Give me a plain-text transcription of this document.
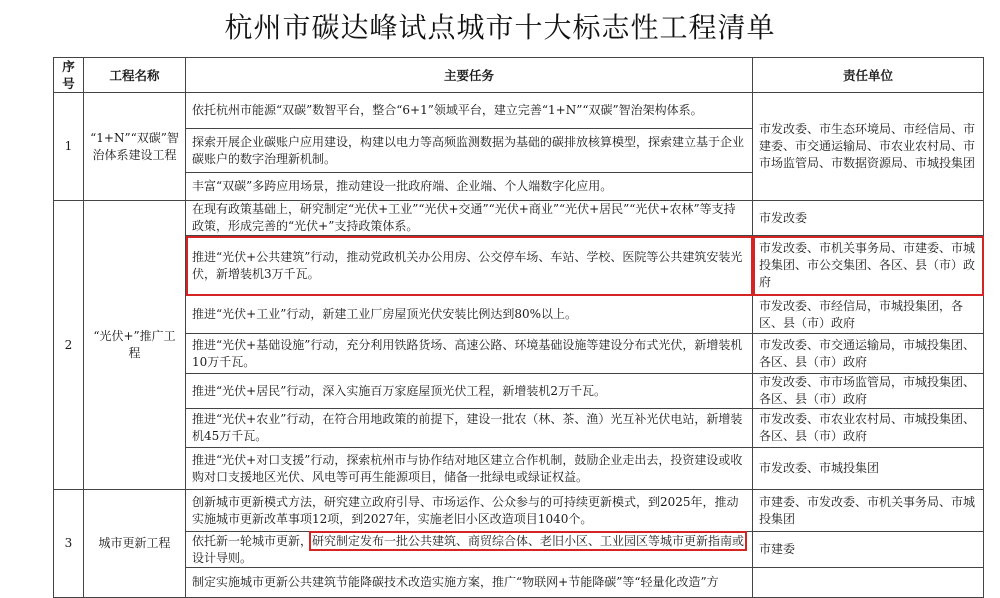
杭州市碳达峰试点城市十大标志性工程清单
序号	工程名称	主要任务	责任单位
1	“1+N”“双碳”智治体系建设工程	依托杭州市能源“双碳”数智平台，整合“6+1”领域平台，建立完善“1+N”“双碳”智治架构体系。	市发改委、市生态环境局、市经信局、市建委、市交通运输局、市农业农村局、市市场监管局、市数据资源局、市城投集团
		探索开展企业碳账户应用建设，构建以电力等高频监测数据为基础的碳排放核算模型，探索建立基于企业碳账户的数字治理新机制。	
		丰富“双碳”多跨应用场景，推动建设一批政府端、企业端、个人端数字化应用。	
2	“光伏+”推广工程	在现有政策基础上，研究制定“光伏+工业”“光伏+交通”“光伏+商业”“光伏+居民”“光伏+农林”等支持政策，形成完善的“光伏+”支持政策体系。	市发改委
		推进“光伏+公共建筑”行动，推动党政机关办公用房、公交停车场、车站、学校、医院等公共建筑安装光伏，新增装机3万千瓦。	市发改委、市机关事务局、市建委、市城投集团、市公交集团、各区、县（市）政府
		推进“光伏+工业”行动，新建工业厂房屋顶光伏安装比例达到80%以上。	市发改委、市经信局，市城投集团，各区、县（市）政府
		推进“光伏+基础设施”行动，充分利用铁路货场、高速公路、环境基础设施等建设分布式光伏，新增装机10万千瓦。	市发改委、市交通运输局，市城投集团、各区、县（市）政府
		推进“光伏+居民”行动，深入实施百万家庭屋顶光伏工程，新增装机2万千瓦。	市发改委、市市场监管局，市城投集团、各区、县（市）政府
		推进“光伏+农业”行动，在符合用地政策的前提下，建设一批农（林、茶、渔）光互补光伏电站，新增装机45万千瓦。	市发改委、市农业农村局、市城投集团、各区、县（市）政府
		推进“光伏+对口支援”行动，探索杭州市与协作结对地区建立合作机制，鼓励企业走出去，投资建设或收购对口支援地区光伏、风电等可再生能源项目，储备一批绿电或绿证权益。	市发改委、市城投集团
3	城市更新工程	创新城市更新模式方法，研究建立政府引导、市场运作、公众参与的可持续更新模式，到2025年，推动实施城市更新改革事项12项，到2027年，实施老旧小区改造项目1040个。	市建委、市发改委、市机关事务局、市城投集团
		依托新一轮城市更新，研究制定发布一批公共建筑、商贸综合体、老旧小区、工业园区等城市更新指南或设计导则。	市建委
		制定实施城市更新公共建筑节能降碳技术改造实施方案，推广“物联网+节能降碳”等“轻量化改造”方	
